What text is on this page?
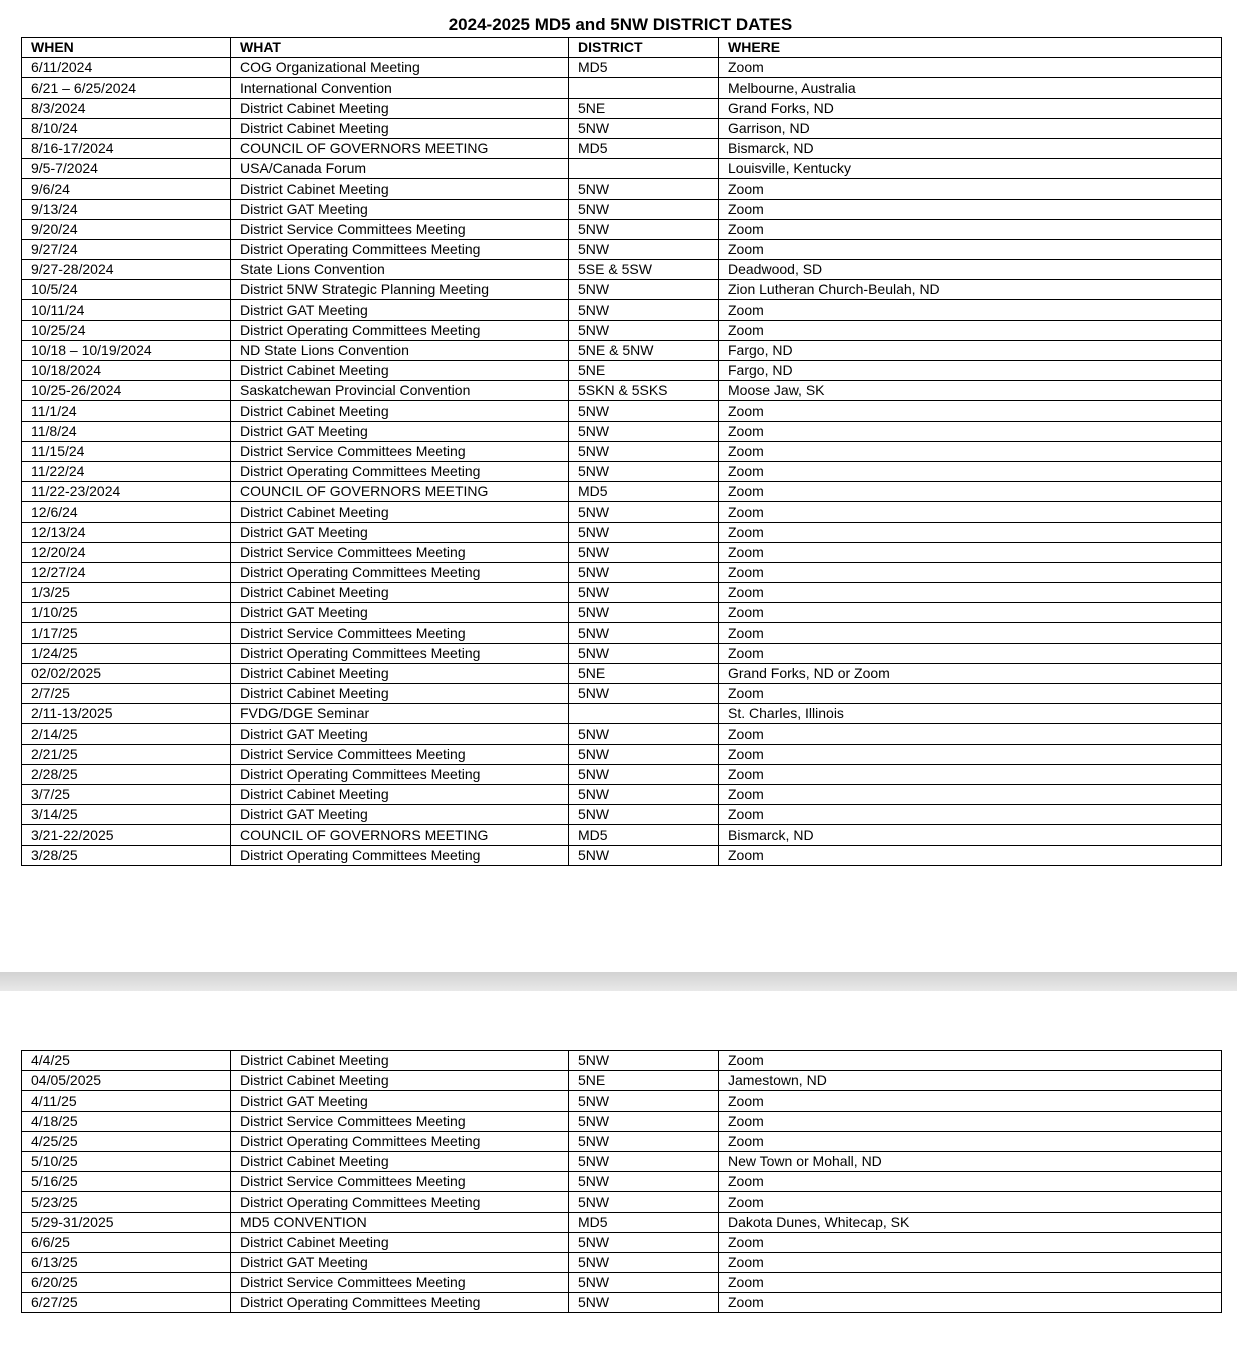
2024-2025 MD5 and 5NW DISTRICT DATES
WHEN	WHAT	DISTRICT	WHERE
6/11/2024	COG Organizational Meeting	MD5	Zoom
6/21 – 6/25/2024	International Convention		Melbourne, Australia
8/3/2024	District Cabinet Meeting	5NE	Grand Forks, ND
8/10/24	District Cabinet Meeting	5NW	Garrison, ND
8/16-17/2024	COUNCIL OF GOVERNORS MEETING	MD5	Bismarck, ND
9/5-7/2024	USA/Canada Forum		Louisville, Kentucky
9/6/24	District Cabinet Meeting	5NW	Zoom
9/13/24	District GAT Meeting	5NW	Zoom
9/20/24	District Service Committees Meeting	5NW	Zoom
9/27/24	District Operating Committees Meeting	5NW	Zoom
9/27-28/2024	State Lions Convention	5SE & 5SW	Deadwood, SD
10/5/24	District 5NW Strategic Planning Meeting	5NW	Zion Lutheran Church-Beulah, ND
10/11/24	District GAT Meeting	5NW	Zoom
10/25/24	District Operating Committees Meeting	5NW	Zoom
10/18 – 10/19/2024	ND State Lions Convention	5NE & 5NW	Fargo, ND
10/18/2024	District Cabinet Meeting	5NE	Fargo, ND
10/25-26/2024	Saskatchewan Provincial Convention	5SKN & 5SKS	Moose Jaw, SK
11/1/24	District Cabinet Meeting	5NW	Zoom
11/8/24	District GAT Meeting	5NW	Zoom
11/15/24	District Service Committees Meeting	5NW	Zoom
11/22/24	District Operating Committees Meeting	5NW	Zoom
11/22-23/2024	COUNCIL OF GOVERNORS MEETING	MD5	Zoom
12/6/24	District Cabinet Meeting	5NW	Zoom
12/13/24	District GAT Meeting	5NW	Zoom
12/20/24	District Service Committees Meeting	5NW	Zoom
12/27/24	District Operating Committees Meeting	5NW	Zoom
1/3/25	District Cabinet Meeting	5NW	Zoom
1/10/25	District GAT Meeting	5NW	Zoom
1/17/25	District Service Committees Meeting	5NW	Zoom
1/24/25	District Operating Committees Meeting	5NW	Zoom
02/02/2025	District Cabinet Meeting	5NE	Grand Forks, ND or Zoom
2/7/25	District Cabinet Meeting	5NW	Zoom
2/11-13/2025	FVDG/DGE Seminar		St. Charles, Illinois
2/14/25	District GAT Meeting	5NW	Zoom
2/21/25	District Service Committees Meeting	5NW	Zoom
2/28/25	District Operating Committees Meeting	5NW	Zoom
3/7/25	District Cabinet Meeting	5NW	Zoom
3/14/25	District GAT Meeting	5NW	Zoom
3/21-22/2025	COUNCIL OF GOVERNORS MEETING	MD5	Bismarck, ND
3/28/25	District Operating Committees Meeting	5NW	Zoom
4/4/25	District Cabinet Meeting	5NW	Zoom
04/05/2025	District Cabinet Meeting	5NE	Jamestown, ND
4/11/25	District GAT Meeting	5NW	Zoom
4/18/25	District Service Committees Meeting	5NW	Zoom
4/25/25	District Operating Committees Meeting	5NW	Zoom
5/10/25	District Cabinet Meeting	5NW	New Town or Mohall, ND
5/16/25	District Service Committees Meeting	5NW	Zoom
5/23/25	District Operating Committees Meeting	5NW	Zoom
5/29-31/2025	MD5 CONVENTION	MD5	Dakota Dunes, Whitecap, SK
6/6/25	District Cabinet Meeting	5NW	Zoom
6/13/25	District GAT Meeting	5NW	Zoom
6/20/25	District Service Committees Meeting	5NW	Zoom
6/27/25	District Operating Committees Meeting	5NW	Zoom
